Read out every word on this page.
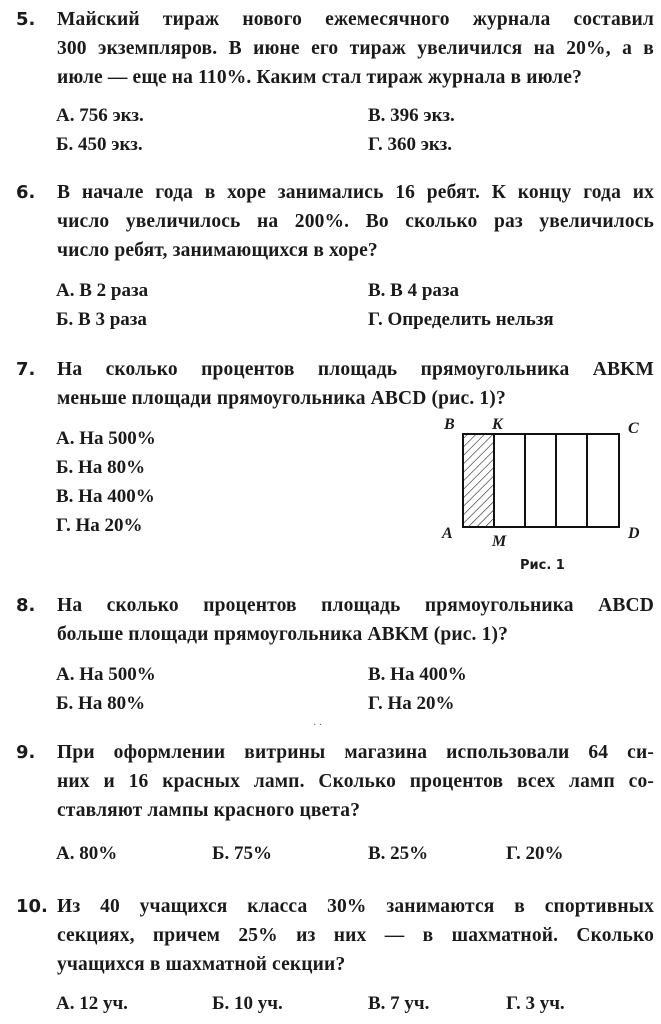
5. Майский тираж нового ежемесячного журнала составил
300 экземпляров. В июне его тираж увеличился на 20%, а в
июле — еще на 110%. Каким стал тираж журнала в июле?
А. 756 экз.	В. 396 экз.
Б. 450 экз.	Г. 360 экз.
6. В начале года в хоре занимались 16 ребят. К концу года их
число увеличилось на 200%. Во сколько раз увеличилось
число ребят, занимающихся в хоре?
А. В 2 раза	В. В 4 раза
Б. В 3 раза	Г. Определить нельзя
7. На сколько процентов площадь прямоугольника ABKM
меньше площади прямоугольника ABCD (рис. 1)?
А. На 500%
Б. На 80%
В. На 400%
Г. На 20%
B K	C
A M	D
Рис. 1
8. На сколько процентов площадь прямоугольника ABCD
больше площади прямоугольника ABKM (рис. 1)?
А. На 500%	В. На 400%
Б. На 80%	Г. На 20%
· ·
9. При оформлении витрины магазина использовали 64 си-
них и 16 красных ламп. Сколько процентов всех ламп со-
ставляют лампы красного цвета?
А. 80%	Б. 75%	В. 25%	Г. 20%
10. Из 40 учащихся класса 30% занимаются в спортивных
секциях, причем 25% из них — в шахматной. Сколько
учащихся в шахматной секции?
А. 12 уч.	Б. 10 уч.	В. 7 уч.	Г. 3 уч.
